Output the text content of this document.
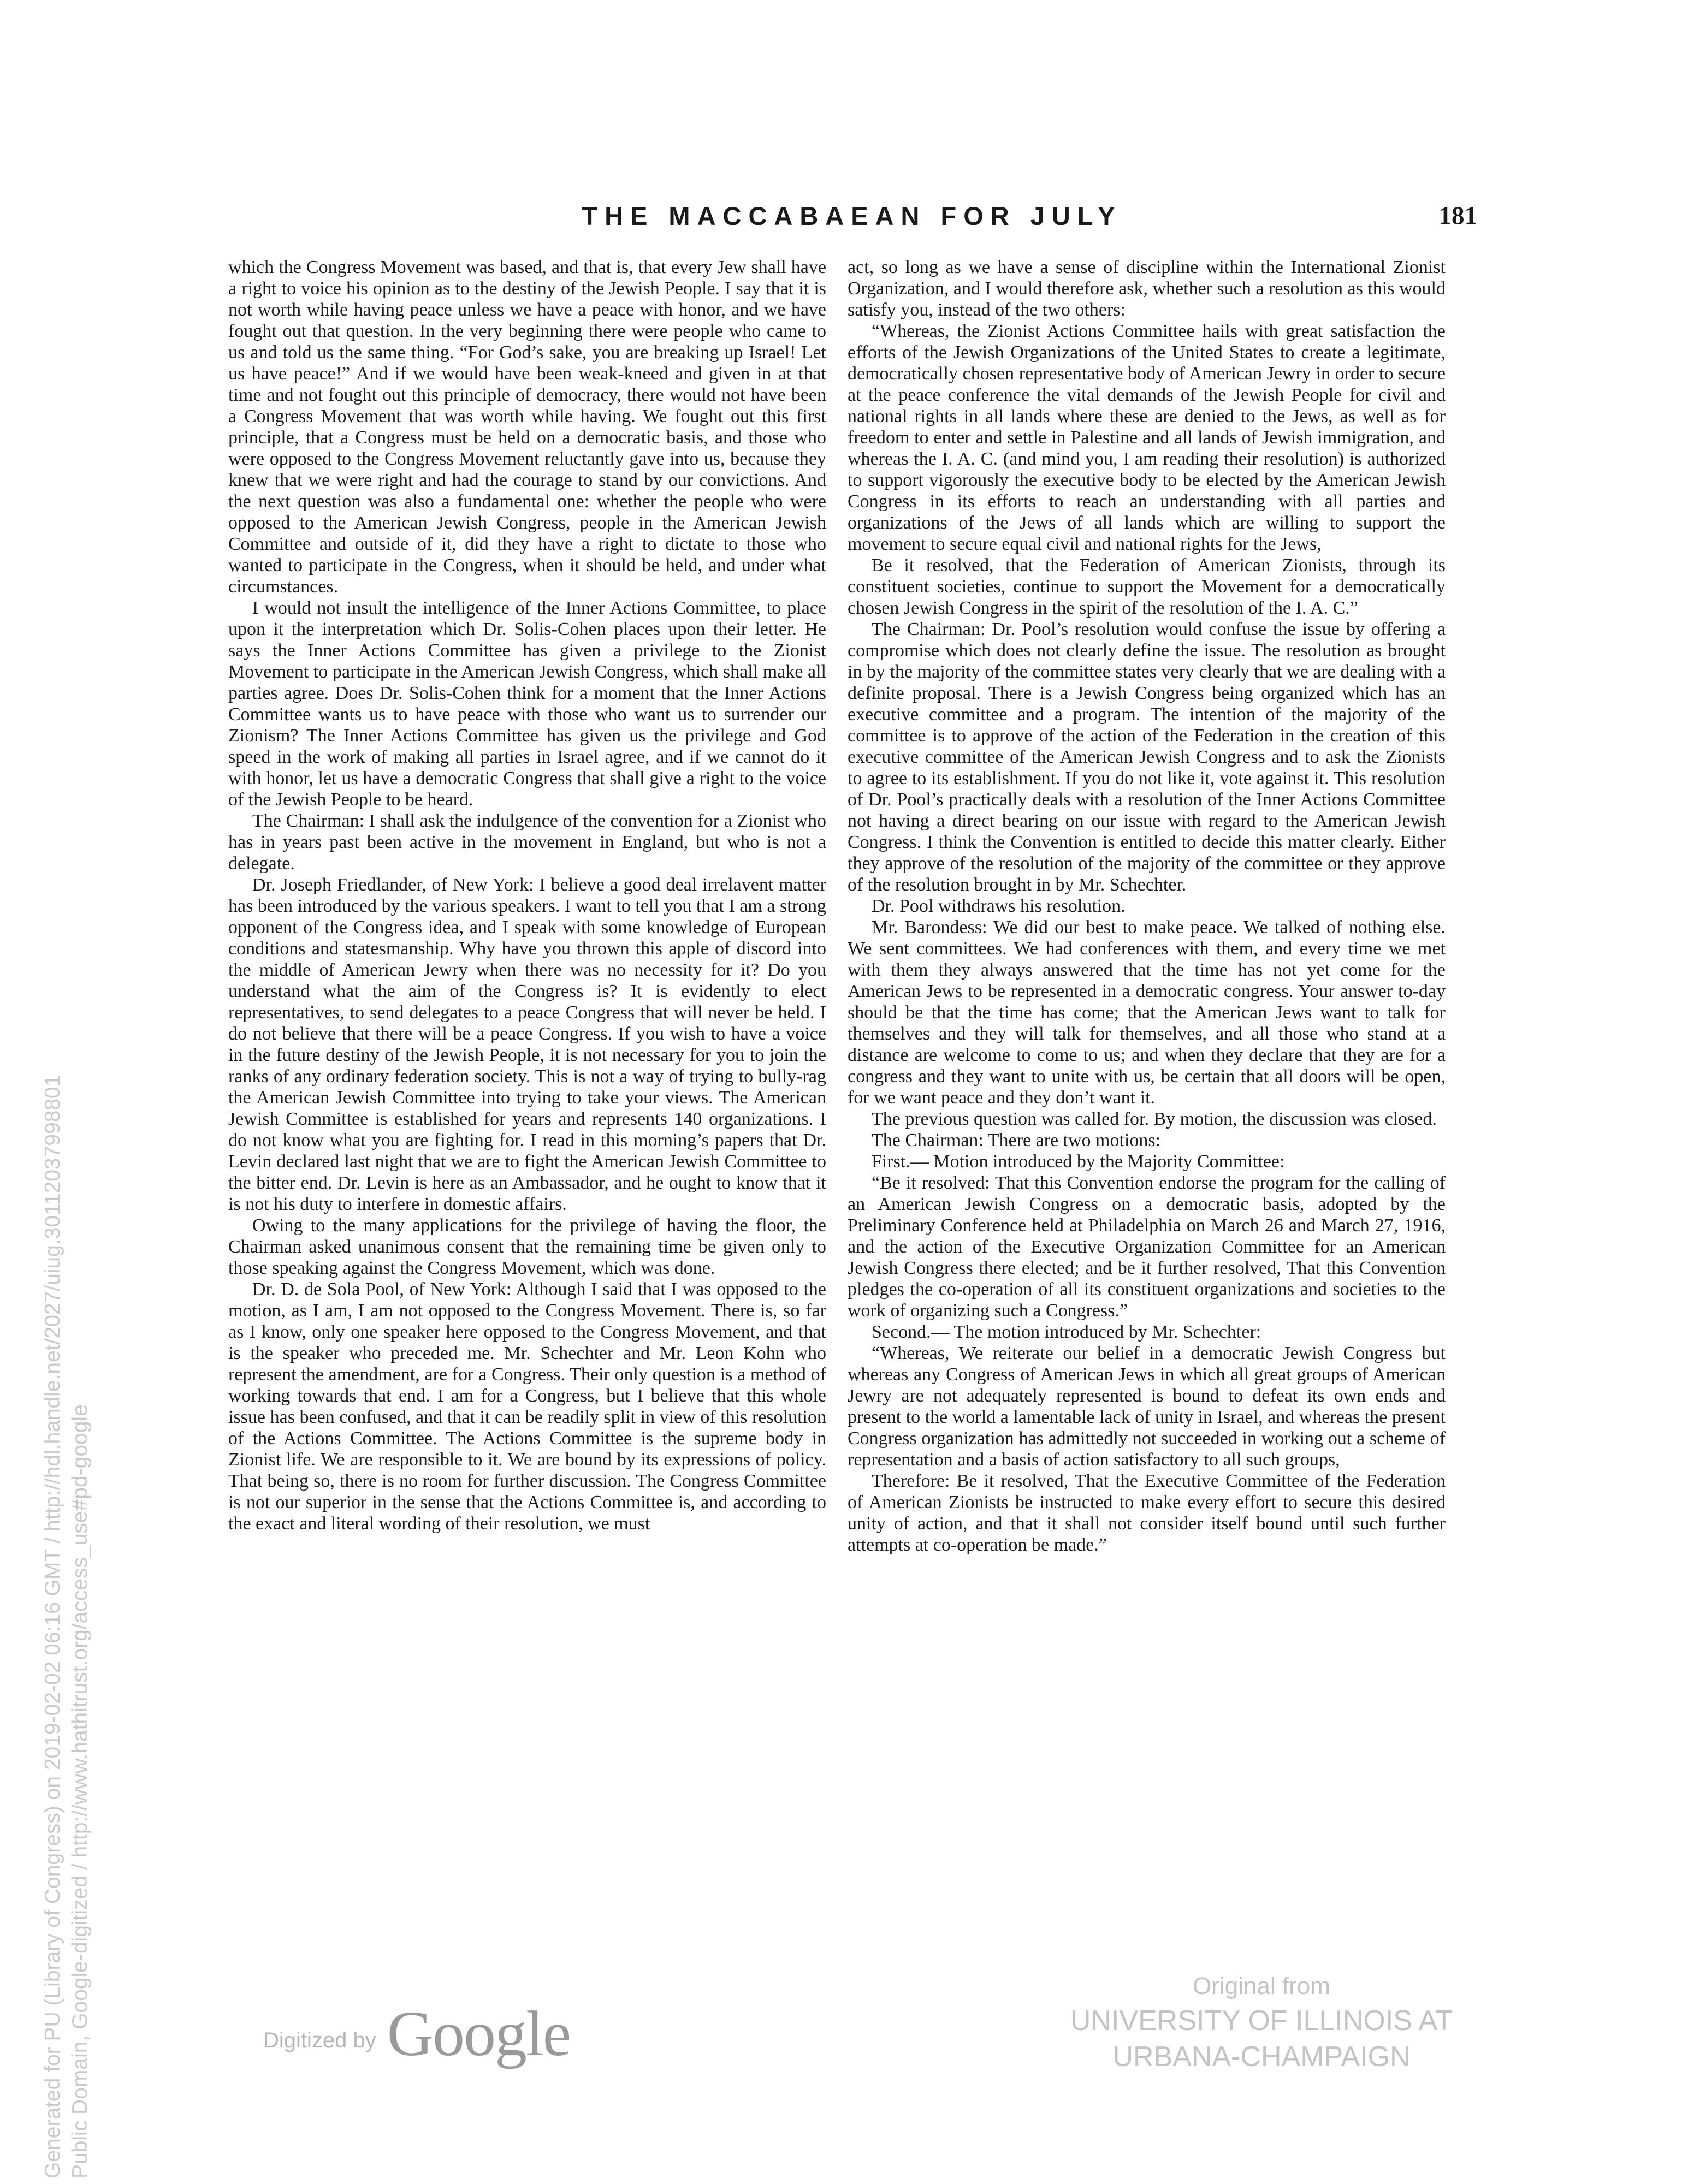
THE MACCABAEAN FOR JULY	181

which the Congress Movement was based, and that is, that every Jew shall have a right to voice his opinion as to the destiny of the Jewish People. I say that it is not worth while having peace unless we have a peace with honor, and we have fought out that question. In the very beginning there were people who came to us and told us the same thing. “For God’s sake, you are breaking up Israel! Let us have peace!” And if we would have been weak-kneed and given in at that time and not fought out this principle of democracy, there would not have been a Congress Movement that was worth while having. We fought out this first principle, that a Congress must be held on a democratic basis, and those who were opposed to the Congress Movement reluctantly gave into us, because they knew that we were right and had the courage to stand by our convictions. And the next question was also a fundamental one: whether the people who were opposed to the American Jewish Congress, people in the American Jewish Committee and outside of it, did they have a right to dictate to those who wanted to participate in the Congress, when it should be held, and under what circumstances.

I would not insult the intelligence of the Inner Actions Committee, to place upon it the interpretation which Dr. Solis-Cohen places upon their letter. He says the Inner Actions Committee has given a privilege to the Zionist Movement to participate in the American Jewish Congress, which shall make all parties agree. Does Dr. Solis-Cohen think for a moment that the Inner Actions Committee wants us to have peace with those who want us to surrender our Zionism? The Inner Actions Committee has given us the privilege and God speed in the work of making all parties in Israel agree, and if we cannot do it with honor, let us have a democratic Congress that shall give a right to the voice of the Jewish People to be heard.

The Chairman: I shall ask the indulgence of the convention for a Zionist who has in years past been active in the movement in England, but who is not a delegate.

Dr. Joseph Friedlander, of New York: I believe a good deal irrelavent matter has been introduced by the various speakers. I want to tell you that I am a strong opponent of the Congress idea, and I speak with some knowledge of European conditions and statesmanship. Why have you thrown this apple of discord into the middle of American Jewry when there was no necessity for it? Do you understand what the aim of the Congress is? It is evidently to elect representatives, to send delegates to a peace Congress that will never be held. I do not believe that there will be a peace Congress. If you wish to have a voice in the future destiny of the Jewish People, it is not necessary for you to join the ranks of any ordinary federation society. This is not a way of trying to bully-rag the American Jewish Committee into trying to take your views. The American Jewish Committee is established for years and represents 140 organizations. I do not know what you are fighting for. I read in this morning’s papers that Dr. Levin declared last night that we are to fight the American Jewish Committee to the bitter end. Dr. Levin is here as an Ambassador, and he ought to know that it is not his duty to interfere in domestic affairs.

Owing to the many applications for the privilege of having the floor, the Chairman asked unanimous consent that the remaining time be given only to those speaking against the Congress Movement, which was done.

Dr. D. de Sola Pool, of New York: Although I said that I was opposed to the motion, as I am, I am not opposed to the Congress Movement. There is, so far as I know, only one speaker here opposed to the Congress Movement, and that is the speaker who preceded me. Mr. Schechter and Mr. Leon Kohn who represent the amendment, are for a Congress. Their only question is a method of working towards that end. I am for a Congress, but I believe that this whole issue has been confused, and that it can be readily split in view of this resolution of the Actions Committee. The Actions Committee is the supreme body in Zionist life. We are responsible to it. We are bound by its expressions of policy. That being so, there is no room for further discussion. The Congress Committee is not our superior in the sense that the Actions Committee is, and according to the exact and literal wording of their resolution, we must

act, so long as we have a sense of discipline within the International Zionist Organization, and I would therefore ask, whether such a resolution as this would satisfy you, instead of the two others:

“Whereas, the Zionist Actions Committee hails with great satisfaction the efforts of the Jewish Organizations of the United States to create a legitimate, democratically chosen representative body of American Jewry in order to secure at the peace conference the vital demands of the Jewish People for civil and national rights in all lands where these are denied to the Jews, as well as for freedom to enter and settle in Palestine and all lands of Jewish immigration, and whereas the I. A. C. (and mind you, I am reading their resolution) is authorized to support vigorously the executive body to be elected by the American Jewish Congress in its efforts to reach an understanding with all parties and organizations of the Jews of all lands which are willing to support the movement to secure equal civil and national rights for the Jews,

Be it resolved, that the Federation of American Zionists, through its constituent societies, continue to support the Movement for a democratically chosen Jewish Congress in the spirit of the resolution of the I. A. C.”

The Chairman: Dr. Pool’s resolution would confuse the issue by offering a compromise which does not clearly define the issue. The resolution as brought in by the majority of the committee states very clearly that we are dealing with a definite proposal. There is a Jewish Congress being organized which has an executive committee and a program. The intention of the majority of the committee is to approve of the action of the Federation in the creation of this executive committee of the American Jewish Congress and to ask the Zionists to agree to its establishment. If you do not like it, vote against it. This resolution of Dr. Pool’s practically deals with a resolution of the Inner Actions Committee not having a direct bearing on our issue with regard to the American Jewish Congress. I think the Convention is entitled to decide this matter clearly. Either they approve of the resolution of the majority of the committee or they approve of the resolution brought in by Mr. Schechter.

Dr. Pool withdraws his resolution.

Mr. Barondess: We did our best to make peace. We talked of nothing else. We sent committees. We had conferences with them, and every time we met with them they always answered that the time has not yet come for the American Jews to be represented in a democratic congress. Your answer to-day should be that the time has come; that the American Jews want to talk for themselves and they will talk for themselves, and all those who stand at a distance are welcome to come to us; and when they declare that they are for a congress and they want to unite with us, be certain that all doors will be open, for we want peace and they don’t want it.

The previous question was called for. By motion, the discussion was closed.

The Chairman: There are two motions:

First.— Motion introduced by the Majority Committee:

“Be it resolved: That this Convention endorse the program for the calling of an American Jewish Congress on a democratic basis, adopted by the Preliminary Conference held at Philadelphia on March 26 and March 27, 1916, and the action of the Executive Organization Committee for an American Jewish Congress there elected; and be it further resolved, That this Convention pledges the co-operation of all its constituent organizations and societies to the work of organizing such a Congress.”

Second.— The motion introduced by Mr. Schechter:

“Whereas, We reiterate our belief in a democratic Jewish Congress but whereas any Congress of American Jews in which all great groups of American Jewry are not adequately represented is bound to defeat its own ends and present to the world a lamentable lack of unity in Israel, and whereas the present Congress organization has admittedly not succeeded in working out a scheme of representation and a basis of action satisfactory to all such groups,

Therefore: Be it resolved, That the Executive Committee of the Federation of American Zionists be instructed to make every effort to secure this desired unity of action, and that it shall not consider itself bound until such further attempts at co-operation be made.”

Generated for PU (Library of Congress) on 2019-02-02 06:16 GMT / http://hdl.handle.net/2027/uiug.30112037998801 Public Domain, Google-digitized / http://www.hathitrust.org/access_use#pd-google	Digitized by Google
Original from
UNIVERSITY OF ILLINOIS AT
URBANA-CHAMPAIGN
